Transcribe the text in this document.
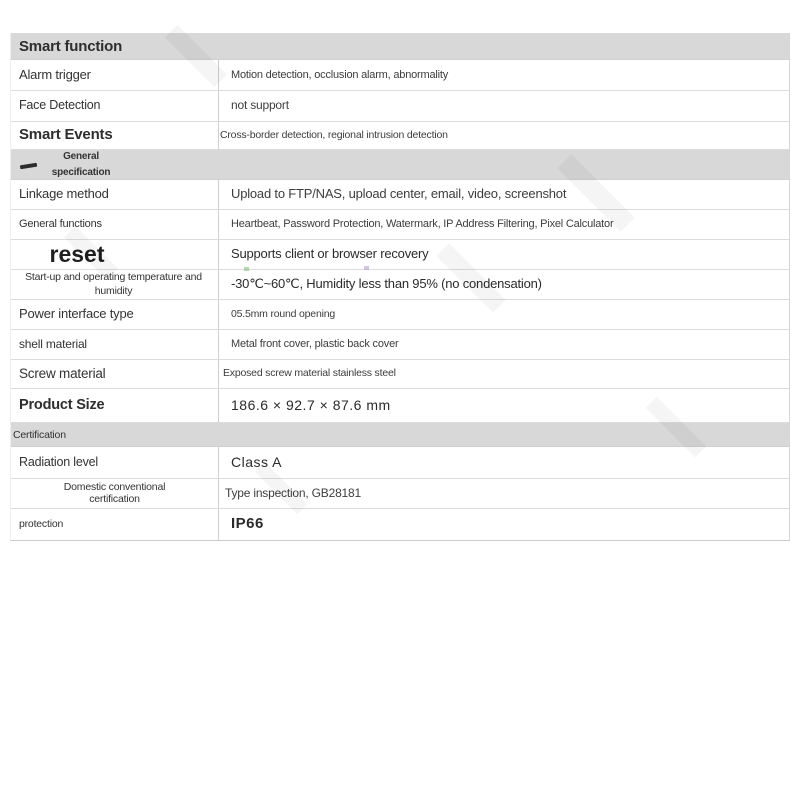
Smart function
Alarm trigger	Motion detection, occlusion alarm, abnormality
Face Detection	not support
Smart Events	Cross-border detection, regional intrusion detection
General specification
Linkage method	Upload to FTP/NAS, upload center, email, video, screenshot
General functions	Heartbeat, Password Protection, Watermark, IP Address Filtering, Pixel Calculator
reset	Supports client or browser recovery
Start-up and operating temperature and humidity	-30℃~60℃, Humidity less than 95% (no condensation)
Power interface type	05.5mm round opening
shell material	Metal front cover, plastic back cover
Screw material	Exposed screw material stainless steel
Product Size	186.6 × 92.7 × 87.6 mm
Certification
Radiation level	Class A
Domestic conventional certification	Type inspection, GB28181
protection	IP66
